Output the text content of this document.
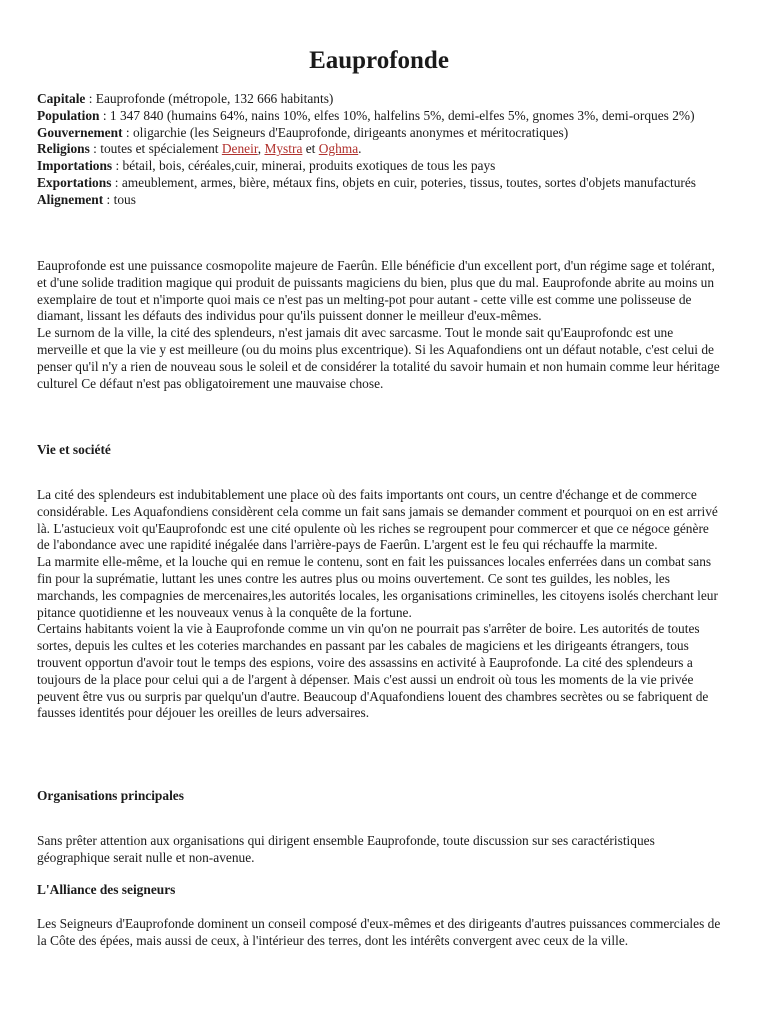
Eauprofonde

Capitale : Eauprofonde (métropole, 132 666 habitants)

Population : 1 347 840 (humains 64%, nains 10%, elfes 10%, halfelins 5%, demi-elfes 5%, gnomes 3%, demi-orques 2%)

Gouvernement : oligarchie (les Seigneurs d'Eauprofonde, dirigeants anonymes et méritocratiques)

Religions : toutes et spécialement Deneir, Mystra et Oghma.

Importations : bétail, bois, céréales,cuir, minerai, produits exotiques de tous les pays

Exportations : ameublement, armes, bière, métaux fins, objets en cuir, poteries, tissus, toutes, sortes d'objets manufacturés

Alignement : tous

Eauprofonde est une puissance cosmopolite majeure de Faerûn. Elle bénéficie d'un excellent port, d'un régime sage et tolérant, et d'une solide tradition magique qui produit de puissants magiciens du bien, plus que du mal. Eauprofonde abrite au moins un exemplaire de tout et n'importe quoi mais ce n'est pas un melting-pot pour autant - cette ville est comme une polisseuse de diamant, lissant les défauts des individus pour qu'ils puissent donner le meilleur d'eux-mêmes.

Le surnom de la ville, la cité des splendeurs, n'est jamais dit avec sarcasme. Tout le monde sait qu'Eauprofondc est une merveille et que la vie y est meilleure (ou du moins plus excentrique). Si les Aquafondiens ont un défaut notable, c'est celui de penser qu'il n'y a rien de nouveau sous le soleil et de considérer la totalité du savoir humain et non humain comme leur héritage culturel Ce défaut n'est pas obligatoirement une mauvaise chose.

Vie et société

La cité des splendeurs est indubitablement une place où des faits importants ont cours, un centre d'échange et de commerce considérable. Les Aquafondiens considèrent cela comme un fait sans jamais se demander comment et pourquoi on en est arrivé là. L'astucieux voit qu'Eauprofondc est une cité opulente où les riches se regroupent pour commercer et que ce négoce génère de l'abondance avec une rapidité inégalée dans l'arrière-pays de Faerûn. L'argent est le feu qui réchauffe la marmite.

La marmite elle-même, et la louche qui en remue le contenu, sont en fait les puissances locales enferrées dans un combat sans fin pour la suprématie, luttant les unes contre les autres plus ou moins ouvertement. Ce sont tes guildes, les nobles, les marchands, les compagnies de mercenaires,les autorités locales, les organisations criminelles, les citoyens isolés cherchant leur pitance quotidienne et les nouveaux venus à la conquête de la fortune.

Certains habitants voient la vie à Eauprofonde comme un vin qu'on ne pourrait pas s'arrêter de boire. Les autorités de toutes sortes, depuis les cultes et les coteries marchandes en passant par les cabales de magiciens et les dirigeants étrangers, tous trouvent opportun d'avoir tout le temps des espions, voire des assassins en activité à Eauprofonde. La cité des splendeurs a toujours de la place pour celui qui a de l'argent à dépenser. Mais c'est aussi un endroit où tous les moments de la vie privée peuvent être vus ou surpris par quelqu'un d'autre. Beaucoup d'Aquafondiens louent des chambres secrètes ou se fabriquent de fausses identités pour déjouer les oreilles de leurs adversaires.

Organisations principales

Sans prêter attention aux organisations qui dirigent ensemble Eauprofonde, toute discussion sur ses caractéristiques géographique serait nulle et non-avenue.

L'Alliance des seigneurs

Les Seigneurs d'Eauprofonde dominent un conseil composé d'eux-mêmes et des dirigeants d'autres puissances commerciales de la Côte des épées, mais aussi de ceux, à l'intérieur des terres, dont les intérêts convergent avec ceux de la ville.
